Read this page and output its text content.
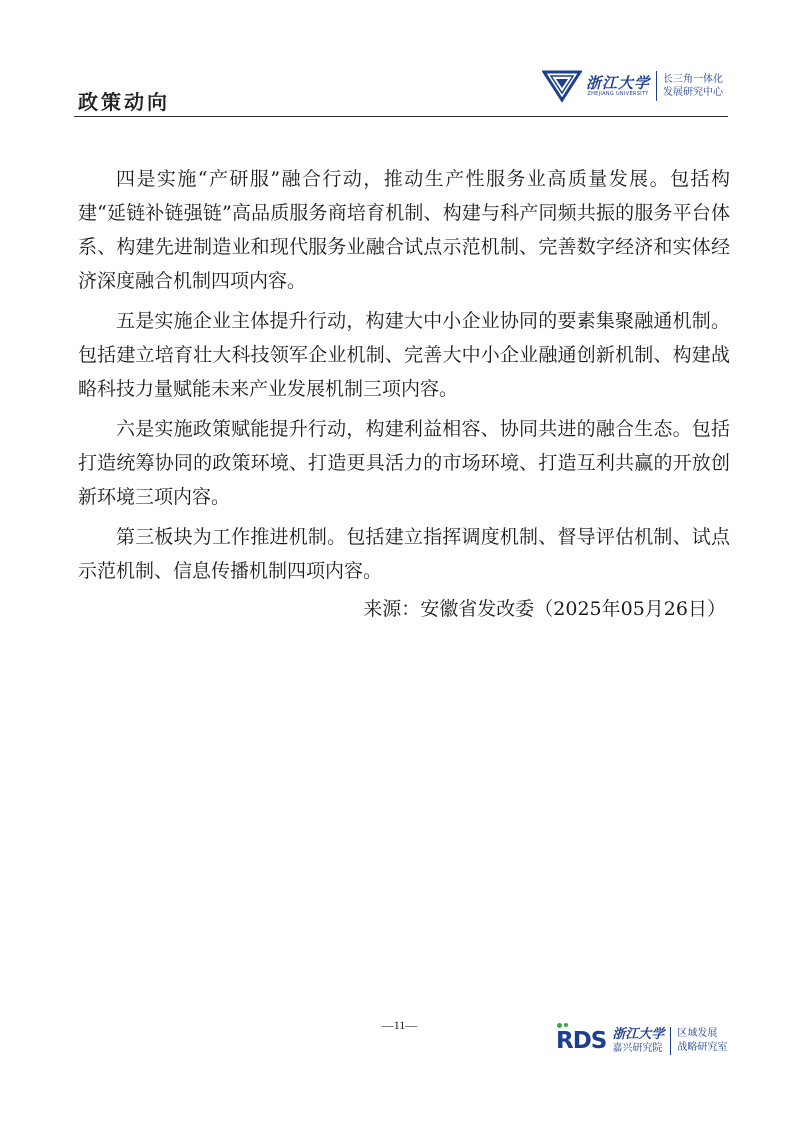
政策动向
浙江大学
ZHEJIANG UNIVERSITY
长三角一体化
发展研究中心

四是实施“产研服”融合行动，推动生产性服务业高质量发展。包括构建“延链补链强链”高品质服务商培育机制、构建与科产同频共振的服务平台体系、构建先进制造业和现代服务业融合试点示范机制、完善数字经济和实体经济深度融合机制四项内容。

五是实施企业主体提升行动，构建大中小企业协同的要素集聚融通机制。包括建立培育壮大科技领军企业机制、完善大中小企业融通创新机制、构建战略科技力量赋能未来产业发展机制三项内容。

六是实施政策赋能提升行动，构建利益相容、协同共进的融合生态。包括打造统筹协同的政策环境、打造更具活力的市场环境、打造互利共赢的开放创新环境三项内容。

第三板块为工作推进机制。包括建立指挥调度机制、督导评估机制、试点示范机制、信息传播机制四项内容。

来源：安徽省发改委（2025年05月26日）

—11—
RDS 浙江大学
嘉兴研究院
区域发展
战略研究室
